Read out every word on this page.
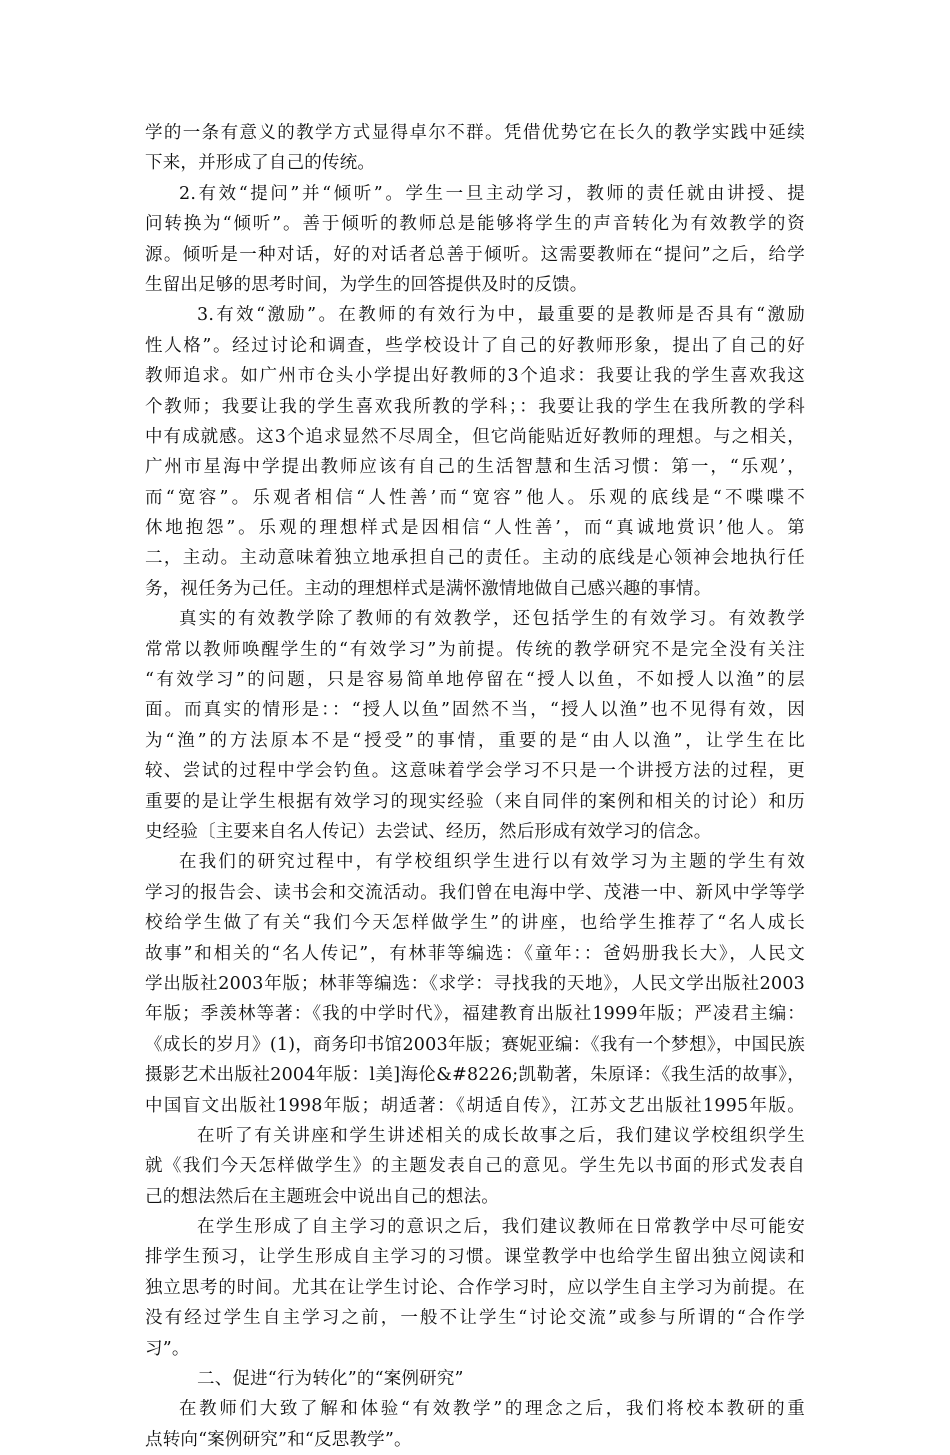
学的一条有意义的教学方式显得卓尔不群。凭借优势它在长久的教学实践中延续
下来，并形成了自己的传统。
2.有效“提问”并“倾听”。学生一旦主动学习，教师的责任就由讲授、提
问转换为“倾听”。善于倾听的教师总是能够将学生的声音转化为有效教学的资
源。倾听是一种对话，好的对话者总善于倾听。这需要教师在“提问”之后，给学
生留出足够的思考时间，为学生的回答提供及时的反馈。
3.有效“激励”。在教师的有效行为中，最重要的是教师是否具有“激励
性人格”。经过讨论和调查，些学校设计了自己的好教师形象，提出了自己的好
教师追求。如广州市仓头小学提出好教师的3个追求：我要让我的学生喜欢我这
个教师；我要让我的学生喜欢我所教的学科；：我要让我的学生在我所教的学科
中有成就感。这3个追求显然不尽周全，但它尚能贴近好教师的理想。与之相关，
广州市星海中学提出教师应该有自己的生活智慧和生活习惯：第一，“乐观’，
而“宽容”。乐观者相信“人性善’而“宽容”他人。乐观的底线是“不喋喋不
休地抱怨”。乐观的理想样式是因相信“人性善’，而“真诚地赏识’他人。第
二，主动。主动意味着独立地承担自己的责任。主动的底线是心领神会地执行任
务，视任务为己任。主动的理想样式是满怀激情地做自己感兴趣的事情。
真实的有效教学除了教师的有效教学，还包括学生的有效学习。有效教学
常常以教师唤醒学生的“有效学习”为前提。传统的教学研究不是完全没有关注
“有效学习”的问题，只是容易简单地停留在“授人以鱼，不如授人以渔”的层
面。而真实的情形是：：“授人以鱼”固然不当，“授人以渔”也不见得有效，因
为“渔”的方法原本不是“授受”的事情，重要的是“由人以渔”，让学生在比
较、尝试的过程中学会钓鱼。这意味着学会学习不只是一个讲授方法的过程，更
重要的是让学生根据有效学习的现实经验（来自同伴的案例和相关的讨论）和历
史经验〔主要来自名人传记）去尝试、经历，然后形成有效学习的信念。
在我们的研究过程中，有学校组织学生进行以有效学习为主题的学生有效
学习的报告会、读书会和交流活动。我们曾在电海中学、茂港一中、新风中学等学
校给学生做了有关“我们今天怎样做学生”的讲座，也给学生推荐了“名人成长
故事”和相关的“名人传记”，有林菲等编选：《童年：：爸妈册我长大》，人民文
学出版社2003年版；林菲等编选：《求学：寻找我的天地》，人民文学出版社2003
年版；季羡林等著：《我的中学时代》，福建教育出版社1999年版；严凌君主编：
《成长的岁月》(1)，商务印书馆2003年版；赛妮亚编：《我有一个梦想》，中国民族
摄影艺术出版社2004年版：l美]海伦&#8226;凯勒著，朱原译：《我生活的故事》，
中国盲文出版社1998年版；胡适著：《胡适自传》，江苏文艺出版社1995年版。
在听了有关讲座和学生讲述相关的成长故事之后，我们建议学校组织学生
就《我们今天怎样做学生》的主题发表自己的意见。学生先以书面的形式发表自
己的想法然后在主题班会中说出自己的想法。
在学生形成了自主学习的意识之后，我们建议教师在日常教学中尽可能安
排学生预习，让学生形成自主学习的习惯。课堂教学中也给学生留出独立阅读和
独立思考的时间。尤其在让学生讨论、合作学习时，应以学生自主学习为前提。在
没有经过学生自主学习之前，一般不让学生“讨论交流”或参与所谓的“合作学
习”。
二、促进“行为转化”的“案例研究”
在教师们大致了解和体验“有效教学”的理念之后，我们将校本教研的重
点转向“案例研究”和“反思教学”。
